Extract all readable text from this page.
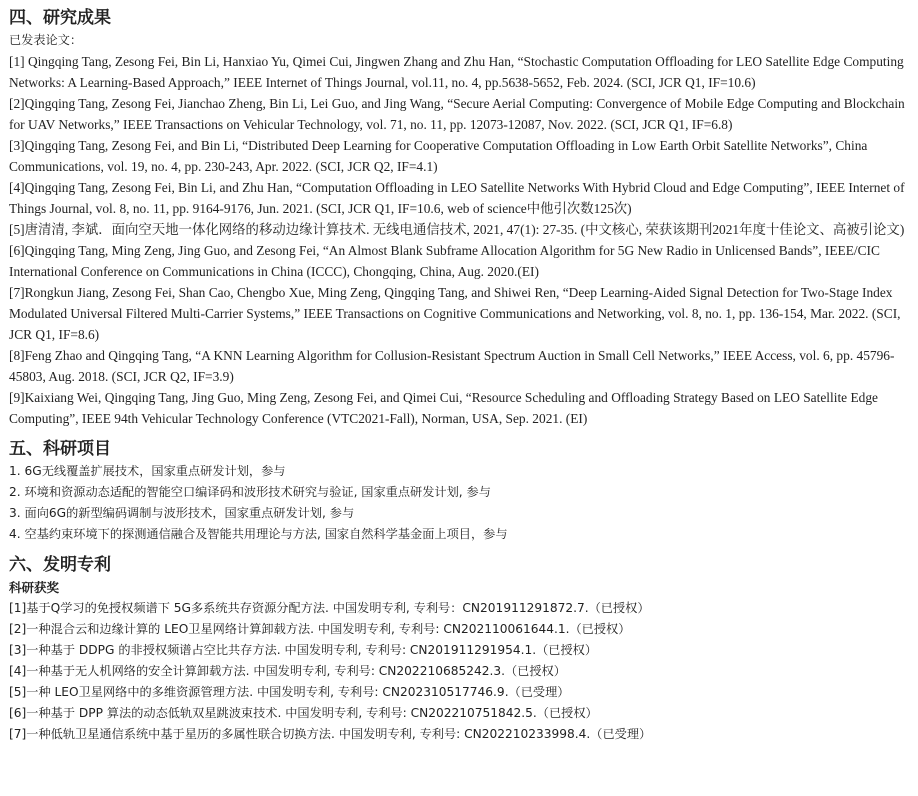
四、研究成果

已发表论文：

[1] Qingqing Tang, Zesong Fei, Bin Li, Hanxiao Yu, Qimei Cui, Jingwen Zhang and Zhu Han, “Stochastic Computation Offloading for LEO Satellite Edge Computing Networks: A Learning-Based Approach,” IEEE Internet of Things Journal, vol.11, no. 4, pp.5638-5652, Feb. 2024. (SCI, JCR Q1, IF=10.6)

[2]Qingqing Tang, Zesong Fei, Jianchao Zheng, Bin Li, Lei Guo, and Jing Wang, “Secure Aerial Computing: Convergence of Mobile Edge Computing and Blockchain for UAV Networks,” IEEE Transactions on Vehicular Technology, vol. 71, no. 11, pp. 12073-12087, Nov. 2022. (SCI, JCR Q1, IF=6.8)

[3]Qingqing Tang, Zesong Fei, and Bin Li, “Distributed Deep Learning for Cooperative Computation Offloading in Low Earth Orbit Satellite Networks”, China Communications, vol. 19, no. 4, pp. 230-243, Apr. 2022. (SCI, JCR Q2, IF=4.1)

[4]Qingqing Tang, Zesong Fei, Bin Li, and Zhu Han, “Computation Offloading in LEO Satellite Networks With Hybrid Cloud and Edge Computing”, IEEE Internet of Things Journal, vol. 8, no. 11, pp. 9164-9176, Jun. 2021. (SCI, JCR Q1, IF=10.6, web of science中他引次数125次)

[5]唐清清, 李斌．面向空天地一体化网络的移动边缘计算技术. 无线电通信技术, 2021, 47(1): 27-35. (中文核心, 荣获该期刊2021年度十佳论文、高被引论文)

[6]Qingqing Tang, Ming Zeng, Jing Guo, and Zesong Fei, “An Almost Blank Subframe Allocation Algorithm for 5G New Radio in Unlicensed Bands”, IEEE/CIC International Conference on Communications in China (ICCC), Chongqing, China, Aug. 2020.(EI)

[7]Rongkun Jiang, Zesong Fei, Shan Cao, Chengbo Xue, Ming Zeng, Qingqing Tang, and Shiwei Ren, “Deep Learning-Aided Signal Detection for Two-Stage Index Modulated Universal Filtered Multi-Carrier Systems,” IEEE Transactions on Cognitive Communications and Networking, vol. 8, no. 1, pp. 136-154, Mar. 2022. (SCI, JCR Q1, IF=8.6)

[8]Feng Zhao and Qingqing Tang, “A KNN Learning Algorithm for Collusion-Resistant Spectrum Auction in Small Cell Networks,” IEEE Access, vol. 6, pp. 45796-45803, Aug. 2018. (SCI, JCR Q2, IF=3.9)

[9]Kaixiang Wei, Qingqing Tang, Jing Guo, Ming Zeng, Zesong Fei, and Qimei Cui, “Resource Scheduling and Offloading Strategy Based on LEO Satellite Edge Computing”, IEEE 94th Vehicular Technology Conference (VTC2021-Fall), Norman, USA, Sep. 2021. (EI)

五、科研项目

1. 6G无线覆盖扩展技术，国家重点研发计划，参与

2. 环境和资源动态适配的智能空口编译码和波形技术研究与验证, 国家重点研发计划, 参与

3. 面向6G的新型编码调制与波形技术，国家重点研发计划, 参与

4. 空基约束环境下的探测通信融合及智能共用理论与方法, 国家自然科学基金面上项目，参与

六、发明专利

科研获奖

[1]基于Q学习的免授权频谱下 5G多系统共存资源分配方法. 中国发明专利, 专利号：CN201911291872.7.（已授权）

[2]一种混合云和边缘计算的 LEO卫星网络计算卸载方法. 中国发明专利, 专利号: CN202110061644.1.（已授权）

[3]一种基于 DDPG 的非授权频谱占空比共存方法. 中国发明专利, 专利号: CN201911291954.1.（已授权）

[4]一种基于无人机网络的安全计算卸载方法. 中国发明专利, 专利号: CN202210685242.3.（已授权）

[5]一种 LEO卫星网络中的多维资源管理方法. 中国发明专利, 专利号: CN202310517746.9.（已受理）

[6]一种基于 DPP 算法的动态低轨双星跳波束技术. 中国发明专利, 专利号: CN202210751842.5.（已授权）

[7]一种低轨卫星通信系统中基于星历的多属性联合切换方法. 中国发明专利, 专利号: CN202210233998.4.（已受理）
